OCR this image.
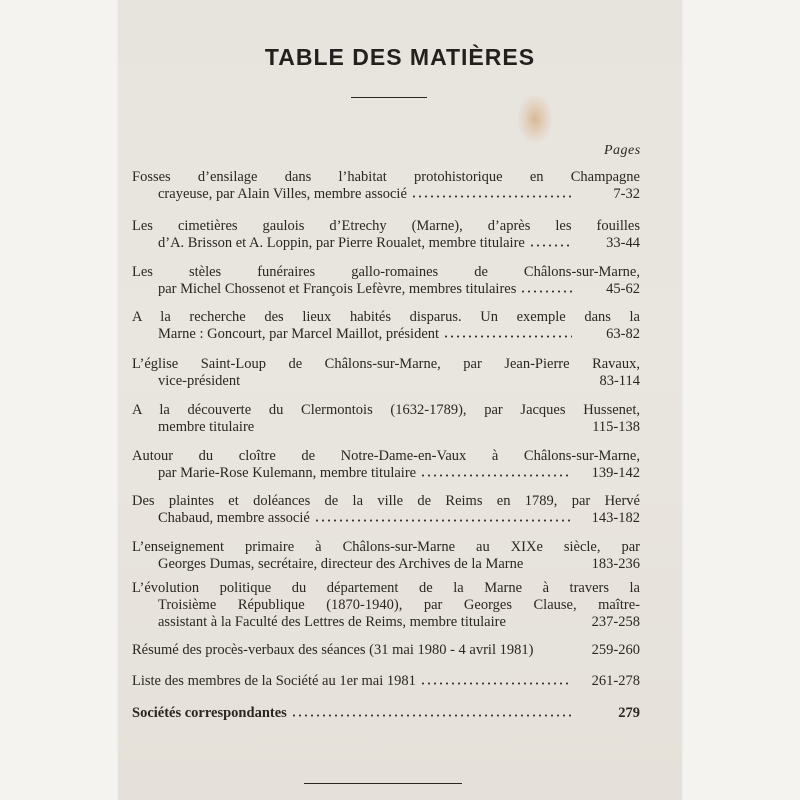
TABLE DES MATIÈRES
Pages
Fosses d’ensilage dans l’habitat protohistorique en Champagne
crayeuse, par Alain Villes, membre associé	7-32
Les cimetières gaulois d’Etrechy (Marne), d’après les fouilles
d’A. Brisson et A. Loppin, par Pierre Roualet, membre titulaire	33-44
Les stèles funéraires gallo-romaines de Châlons-sur-Marne,
par Michel Chossenot et François Lefèvre, membres titulaires	45-62
A la recherche des lieux habités disparus. Un exemple dans la
Marne : Goncourt, par Marcel Maillot, président	63-82
L’église Saint-Loup de Châlons-sur-Marne, par Jean-Pierre Ravaux,
vice-président	83-114
A la découverte du Clermontois (1632-1789), par Jacques Hussenet,
membre titulaire	115-138
Autour du cloître de Notre-Dame-en-Vaux à Châlons-sur-Marne,
par Marie-Rose Kulemann, membre titulaire	139-142
Des plaintes et doléances de la ville de Reims en 1789, par Hervé
Chabaud, membre associé	143-182
L’enseignement primaire à Châlons-sur-Marne au XIXe siècle, par
Georges Dumas, secrétaire, directeur des Archives de la Marne	183-236
L’évolution politique du département de la Marne à travers la
Troisième République (1870-1940), par Georges Clause, maître-
assistant à la Faculté des Lettres de Reims, membre titulaire	237-258
Résumé des procès-verbaux des séances (31 mai 1980 - 4 avril 1981)	259-260
Liste des membres de la Société au 1er mai 1981	261-278
Sociétés correspondantes	279
